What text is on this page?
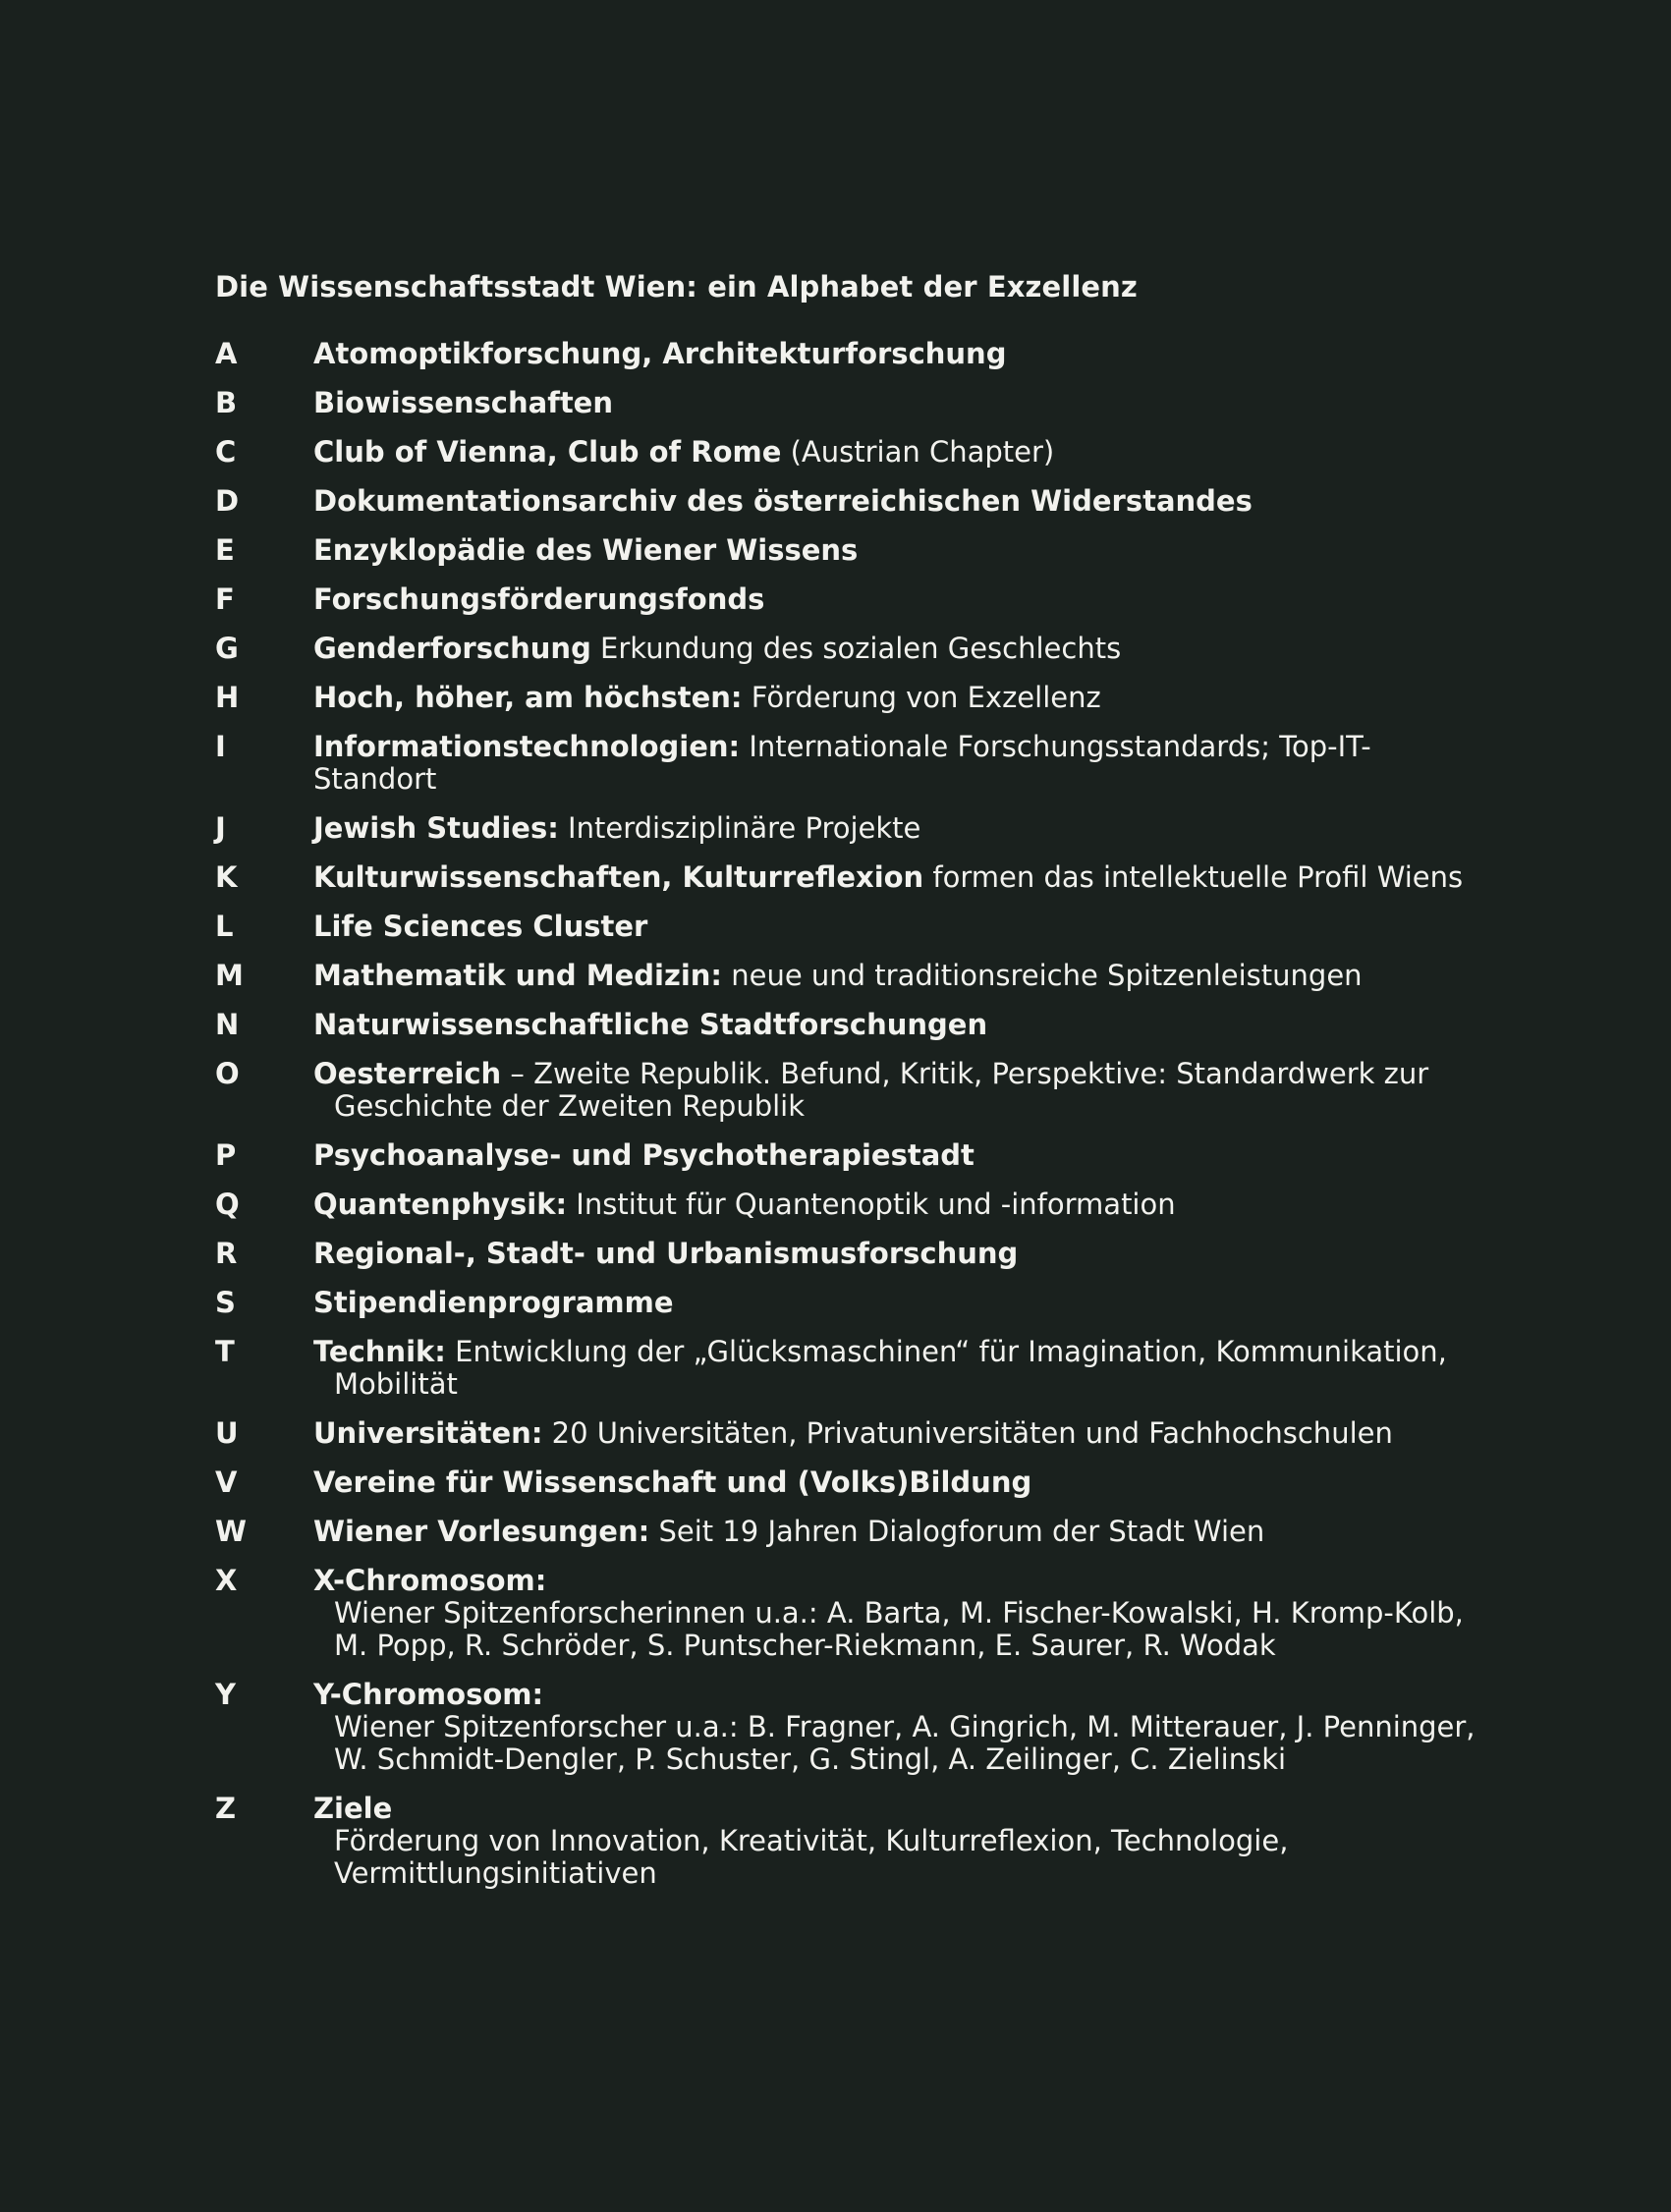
Die Wissenschaftsstadt Wien: ein Alphabet der Exzellenz
A	Atomoptikforschung, Architekturforschung
B	Biowissenschaften
C	Club of Vienna, Club of Rome (Austrian Chapter)
D	Dokumentationsarchiv des österreichischen Widerstandes
E	Enzyklopädie des Wiener Wissens
F	Forschungsförderungsfonds
G	Genderforschung Erkundung des sozialen Geschlechts
H	Hoch, höher, am höchsten: Förderung von Exzellenz
I	Informationstechnologien: Internationale Forschungsstandards; Top-IT-Standort
J	Jewish Studies: Interdisziplinäre Projekte
K	Kulturwissenschaften, Kulturreflexion formen das intellektuelle Profil Wiens
L	Life Sciences Cluster
M	Mathematik und Medizin: neue und traditionsreiche Spitzenleistungen
N	Naturwissenschaftliche Stadtforschungen
O	Oesterreich – Zweite Republik. Befund, Kritik, Perspektive: Standardwerk zur
Geschichte der Zweiten Republik
P	Psychoanalyse- und Psychotherapiestadt
Q	Quantenphysik: Institut für Quantenoptik und -information
R	Regional-, Stadt- und Urbanismusforschung
S	Stipendienprogramme
T	Technik: Entwicklung der „Glücksmaschinen“ für Imagination, Kommunikation,
Mobilität
U	Universitäten: 20 Universitäten, Privatuniversitäten und Fachhochschulen
V	Vereine für Wissenschaft und (Volks)Bildung
W	Wiener Vorlesungen: Seit 19 Jahren Dialogforum der Stadt Wien
X	X-Chromosom:
Wiener Spitzenforscherinnen u.a.: A. Barta, M. Fischer-Kowalski, H. Kromp-Kolb,
M. Popp, R. Schröder, S. Puntscher-Riekmann, E. Saurer, R. Wodak
Y	Y-Chromosom:
Wiener Spitzenforscher u.a.: B. Fragner, A. Gingrich, M. Mitterauer, J. Penninger,
W. Schmidt-Dengler, P. Schuster, G. Stingl, A. Zeilinger, C. Zielinski
Z	Ziele
Förderung von Innovation, Kreativität, Kulturreflexion, Technologie,
Vermittlungsinitiativen
